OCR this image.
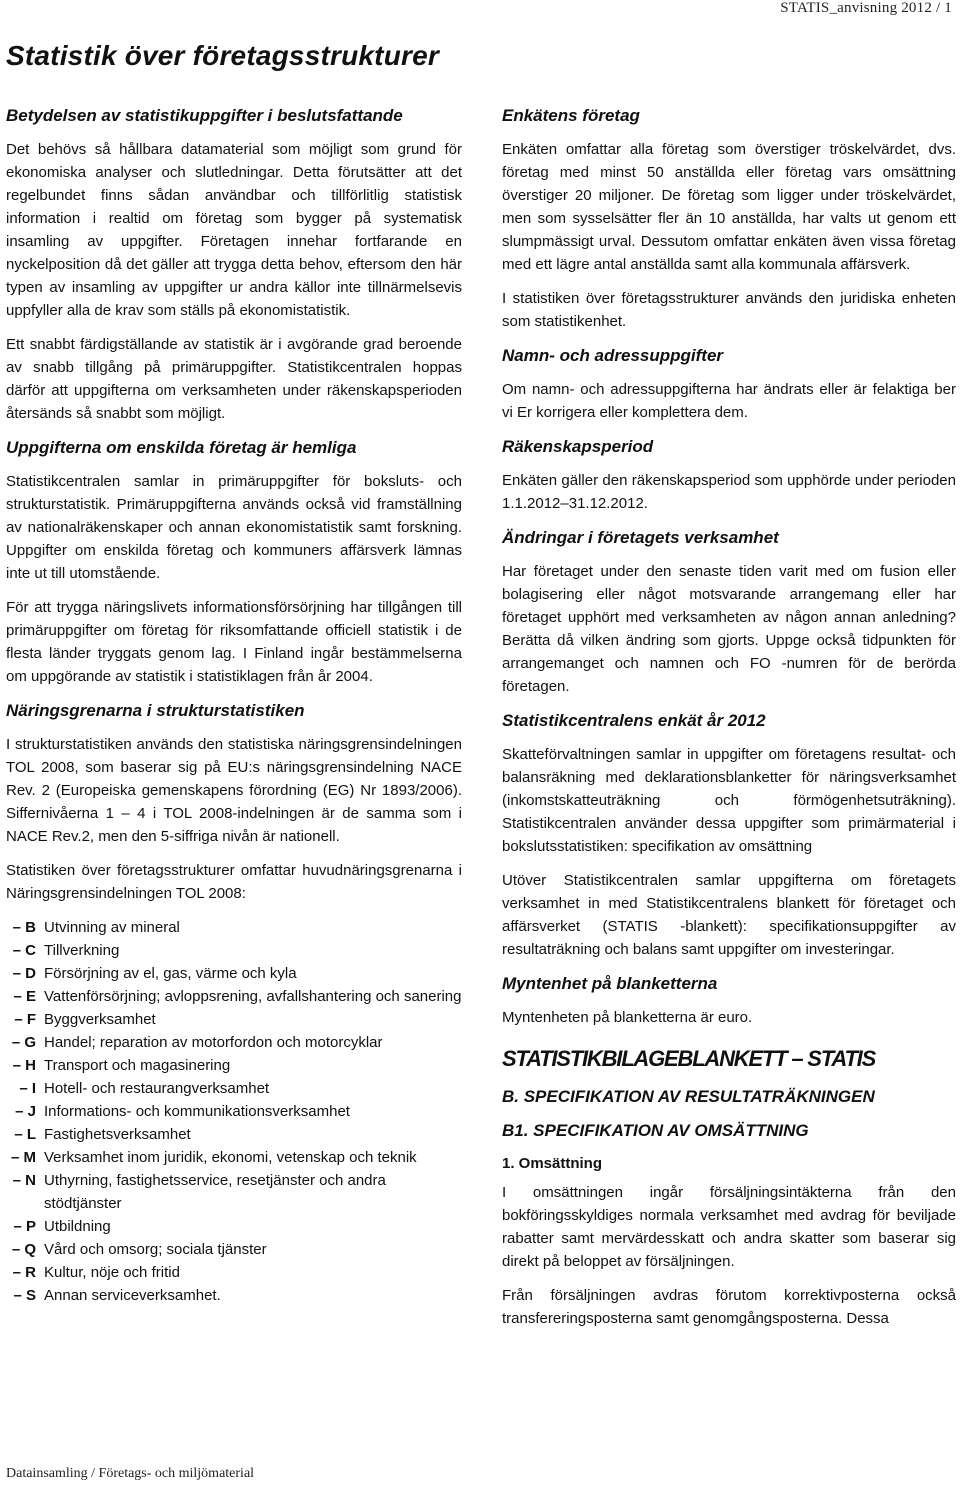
STATIS_anvisning 2012 / 1
Statistik över företagsstrukturer
Betydelsen av statistikuppgifter i beslutsfattande

Det behövs så hållbara datamaterial som möjligt som grund för ekonomiska analyser och slutledningar. Detta förutsätter att det regelbundet finns sådan användbar och tillförlitlig statistisk information i realtid om företag som bygger på systematisk insamling av uppgifter. Företagen innehar fortfarande en nyckelposition då det gäller att trygga detta behov, eftersom den här typen av insamling av uppgifter ur andra källor inte tillnärmelsevis uppfyller alla de krav som ställs på ekonomistatistik.

Ett snabbt färdigställande av statistik är i avgörande grad beroende av snabb tillgång på primäruppgifter. Statistikcentralen hoppas därför att uppgifterna om verksamheten under räkenskapsperioden återsänds så snabbt som möjligt.

Uppgifterna om enskilda företag är hemliga

Statistikcentralen samlar in primäruppgifter för boksluts- och strukturstatistik. Primäruppgifterna används också vid framställning av nationalräkenskaper och annan ekonomistatistik samt forskning. Uppgifter om enskilda företag och kommuners affärsverk lämnas inte ut till utomstående.

För att trygga näringslivets informationsförsörjning har tillgången till primäruppgifter om företag för riksomfattande officiell statistik i de flesta länder tryggats genom lag. I Finland ingår bestämmelserna om uppgörande av statistik i statistiklagen från år 2004.

Näringsgrenarna i strukturstatistiken

I strukturstatistiken används den statistiska näringsgrensindelningen TOL 2008, som baserar sig på EU:s näringsgrensindelning NACE Rev. 2 (Europeiska gemenskapens förordning (EG) Nr 1893/2006). Siffernivåerna 1 – 4 i TOL 2008-indelningen är de samma som i NACE Rev.2, men den 5-siffriga nivån är nationell.

Statistiken över företagsstrukturer omfattar huvudnäringsgrenarna i Näringsgrensindelningen TOL 2008:

– B Utvinning av mineral
– C Tillverkning
– D Försörjning av el, gas, värme och kyla
– E Vattenförsörjning; avloppsrening, avfallshantering och sanering
– F Byggverksamhet
– G Handel; reparation av motorfordon och motorcyklar
– H Transport och magasinering
– I Hotell- och restaurangverksamhet
– J Informations- och kommunikationsverksamhet
– L Fastighetsverksamhet
– M Verksamhet inom juridik, ekonomi, vetenskap och teknik
– N Uthyrning, fastighetsservice, resetjänster och andra stödtjänster
– P Utbildning
– Q Vård och omsorg; sociala tjänster
– R Kultur, nöje och fritid
– S Annan serviceverksamhet.
Enkätens företag

Enkäten omfattar alla företag som överstiger tröskelvärdet, dvs. företag med minst 50 anställda eller företag vars omsättning överstiger 20 miljoner. De företag som ligger under tröskelvärdet, men som sysselsätter fler än 10 anställda, har valts ut genom ett slumpmässigt urval. Dessutom omfattar enkäten även vissa företag med ett lägre antal anställda samt alla kommunala affärsverk.

I statistiken över företagsstrukturer används den juridiska enheten som statistikenhet.

Namn- och adressuppgifter

Om namn- och adressuppgifterna har ändrats eller är felaktiga ber vi Er korrigera eller komplettera dem.

Räkenskapsperiod

Enkäten gäller den räkenskapsperiod som upphörde under perioden 1.1.2012–31.12.2012.

Ändringar i företagets verksamhet

Har företaget under den senaste tiden varit med om fusion eller bolagisering eller något motsvarande arrangemang eller har företaget upphört med verksamheten av någon annan anledning? Berätta då vilken ändring som gjorts. Uppge också tidpunkten för arrangemanget och namnen och FO -numren för de berörda företagen.

Statistikcentralens enkät år 2012

Skatteförvaltningen samlar in uppgifter om företagens resultat- och balansräkning med deklarationsblanketter för näringsverksamhet (inkomstskatteuträkning och förmögenhetsuträkning). Statistikcentralen använder dessa uppgifter som primärmaterial i bokslutsstatistiken: specifikation av omsättning

Utöver Statistikcentralen samlar uppgifterna om företagets verksamhet in med Statistikcentralens blankett för företaget och affärsverket (STATIS -blankett): specifikationsuppgifter av resultaträkning och balans samt uppgifter om investeringar.

Myntenhet på blanketterna

Myntenheten på blanketterna är euro.

STATISTIKBILAGEBLANKETT – STATIS
B. SPECIFIKATION AV RESULTATRÄKNINGEN
B1. SPECIFIKATION AV OMSÄTTNING
1. Omsättning

I omsättningen ingår försäljningsintäkterna från den bokföringsskyldiges normala verksamhet med avdrag för beviljade rabatter samt mervärdesskatt och andra skatter som baserar sig direkt på beloppet av försäljningen.

Från försäljningen avdras förutom korrektivposterna också transfereringsposterna samt genomgångsposterna. Dessa

Datainsamling / Företags- och miljömaterial
